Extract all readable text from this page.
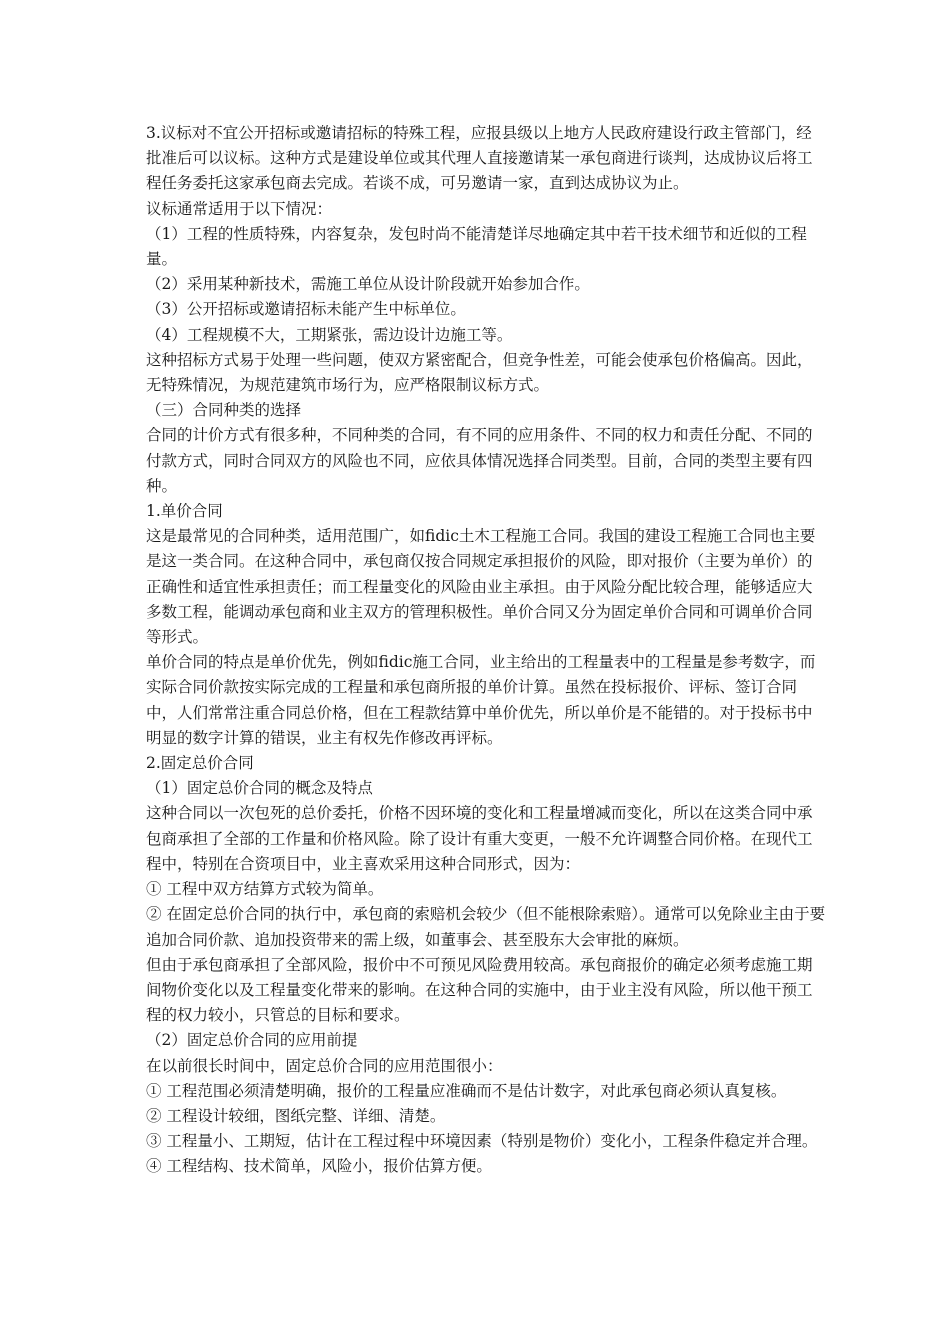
3.议标对不宜公开招标或邀请招标的特殊工程，应报县级以上地方人民政府建设行政主管部门，经批准后可以议标。这种方式是建设单位或其代理人直接邀请某一承包商进行谈判，达成协议后将工程任务委托这家承包商去完成。若谈不成，可另邀请一家，直到达成协议为止。

议标通常适用于以下情况：

（1）工程的性质特殊，内容复杂，发包时尚不能清楚详尽地确定其中若干技术细节和近似的工程量。

（2）采用某种新技术，需施工单位从设计阶段就开始参加合作。

（3）公开招标或邀请招标未能产生中标单位。

（4）工程规模不大，工期紧张，需边设计边施工等。

这种招标方式易于处理一些问题，使双方紧密配合，但竞争性差，可能会使承包价格偏高。因此，无特殊情况，为规范建筑市场行为，应严格限制议标方式。

（三）合同种类的选择

合同的计价方式有很多种，不同种类的合同，有不同的应用条件、不同的权力和责任分配、不同的付款方式，同时合同双方的风险也不同，应依具体情况选择合同类型。目前，合同的类型主要有四种。

1.单价合同

这是最常见的合同种类，适用范围广，如fidic土木工程施工合同。我国的建设工程施工合同也主要是这一类合同。在这种合同中，承包商仅按合同规定承担报价的风险，即对报价（主要为单价）的正确性和适宜性承担责任；而工程量变化的风险由业主承担。由于风险分配比较合理，能够适应大多数工程，能调动承包商和业主双方的管理积极性。单价合同又分为固定单价合同和可调单价合同等形式。

单价合同的特点是单价优先，例如fidic施工合同，业主给出的工程量表中的工程量是参考数字，而实际合同价款按实际完成的工程量和承包商所报的单价计算。虽然在投标报价、评标、签订合同中，人们常常注重合同总价格，但在工程款结算中单价优先，所以单价是不能错的。对于投标书中明显的数字计算的错误，业主有权先作修改再评标。

2.固定总价合同

（1）固定总价合同的概念及特点

这种合同以一次包死的总价委托，价格不因环境的变化和工程量增减而变化，所以在这类合同中承包商承担了全部的工作量和价格风险。除了设计有重大变更，一般不允许调整合同价格。在现代工程中，特别在合资项目中，业主喜欢采用这种合同形式，因为：

① 工程中双方结算方式较为简单。

② 在固定总价合同的执行中，承包商的索赔机会较少（但不能根除索赔）。通常可以免除业主由于要追加合同价款、追加投资带来的需上级，如董事会、甚至股东大会审批的麻烦。

但由于承包商承担了全部风险，报价中不可预见风险费用较高。承包商报价的确定必须考虑施工期间物价变化以及工程量变化带来的影响。在这种合同的实施中，由于业主没有风险，所以他干预工程的权力较小，只管总的目标和要求。

（2）固定总价合同的应用前提

在以前很长时间中，固定总价合同的应用范围很小：

① 工程范围必须清楚明确，报价的工程量应准确而不是估计数字，对此承包商必须认真复核。

② 工程设计较细，图纸完整、详细、清楚。

③ 工程量小、工期短，估计在工程过程中环境因素（特别是物价）变化小，工程条件稳定并合理。

④ 工程结构、技术简单，风险小，报价估算方便。
